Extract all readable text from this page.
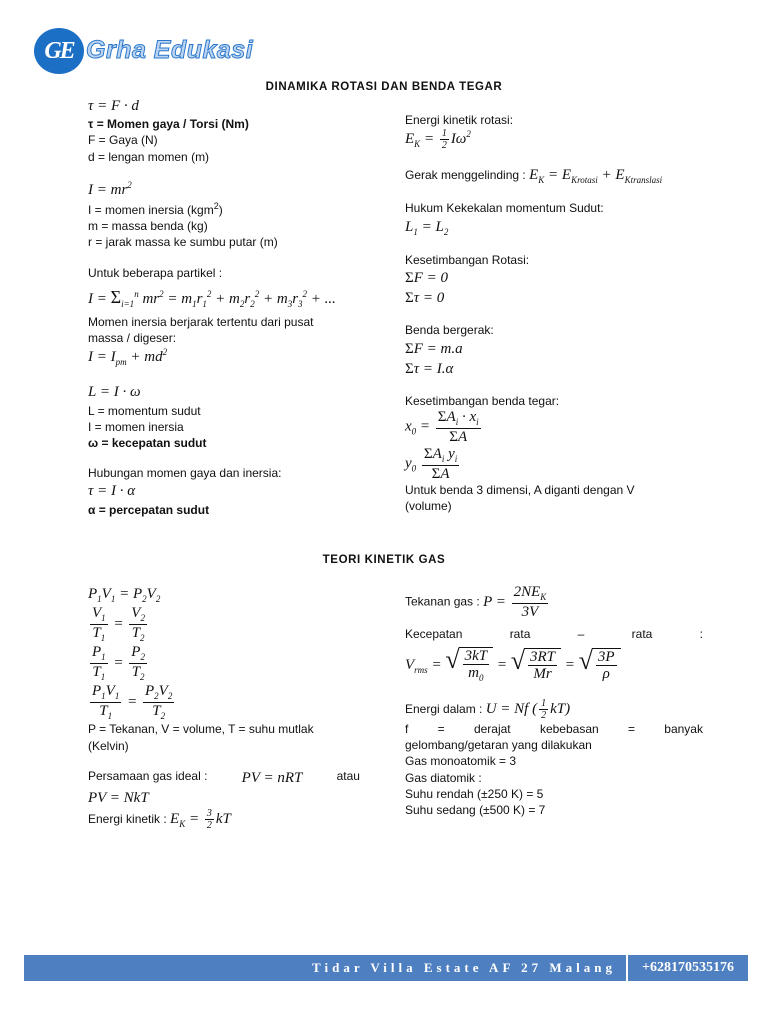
GE Grha Edukasi
DINAMIKA ROTASI DAN BENDA TEGAR

τ = F · d

τ = Momen gaya / Torsi (Nm)

F = Gaya (N)

d = lengan momen (m)

$I = mr^2$

I = momen inersia (kgm$^2$)

m = massa benda (kg)

r = jarak massa ke sumbu putar (m)

Untuk beberapa partikel :

$I = \Sigma_{i=1}^n$ $mr^2 = m_1r_1^2 + m_2r_2^2 + m_3r_3^2$ + ...

Momen inersia berjarak tertentu dari pusat

massa / digeser:

$I = I_{pm} + md^2$

L = I · ω

L = momentum sudut

I = momen inersia

ω = kecepatan sudut

Hubungan momen gaya dan inersia:

τ = I · α

α = percepatan sudut

Energi kinetik rotasi:

$E_K = \frac{1}{2} I\omega^2$

Gerak menggelinding : $E_K = E_{Krotasi} + E_{Ktranslasi}$

Hukum Kekekalan momentum Sudut:

$L_1 = L_2$

Kesetimbangan Rotasi:

ΣF = 0

Στ = 0

Benda bergerak:

ΣF = m.a

Στ = I.α

Kesetimbangan benda tegar:

$x_0 = \frac{\Sigma A_i \cdot x_i}{\Sigma A}$

$y_0 \frac{\Sigma A_i y_i}{\Sigma A}$

Untuk benda 3 dimensi, A diganti dengan V

(volume)

TEORI KINETIK GAS

$P_1V_1 = P_2V_2$

$\frac{V_1}{T_1} = \frac{V_2}{T_2}$

$\frac{P_1}{T_1} = \frac{P_2}{T_2}$

$\frac{P_1V_1}{T_1} = \frac{P_2V_2}{T_2}$

P = Tekanan, V = volume, T = suhu mutlak

(Kelvin)

Persamaan gas ideal : PV = nRT	atau

PV = NkT

Energi kinetik : $E_K = \frac{3}{2}$ kT

Tekanan gas : $P = \frac{2NE_K}{3V}$

Kecepatan	rata	–	rata	:

$V_{rms}$ = √ $\frac{3kT}{m_0}$ = √ $\frac{3RT}{Mr}$ = √ $\frac{3P}{\rho}$

Energi dalam : U = Nf ( $\frac{1}{2} kT$)

f = derajat kebebasan = banyak

gelombang/getaran yang dilakukan

Gas monoatomik = 3

Gas diatomik :

Suhu rendah (±250 K) = 5

Suhu sedang (±500 K) = 7

Tidar Villa Estate AF 27 Malang	+628170535176
